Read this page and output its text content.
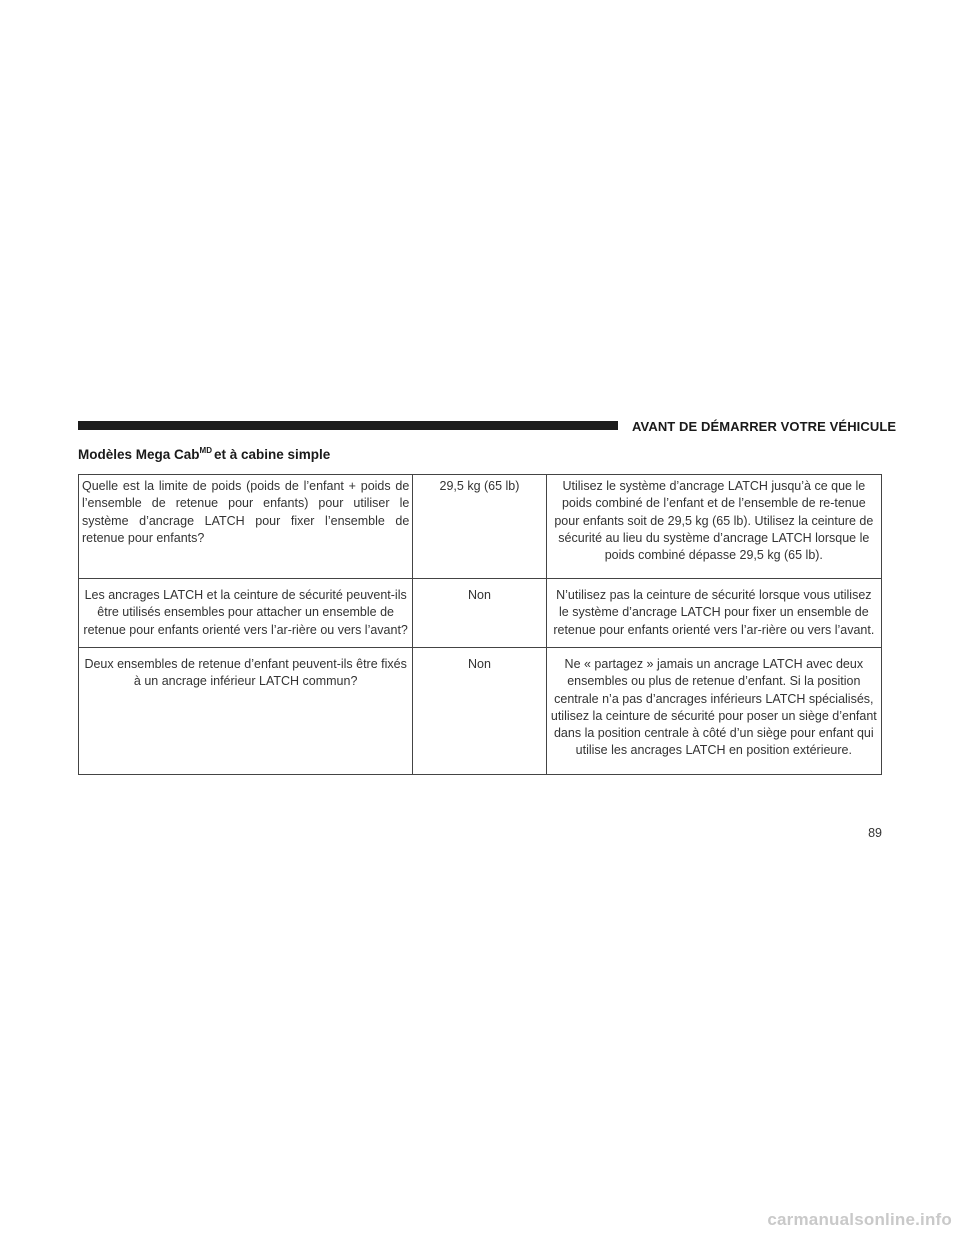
AVANT DE DÉMARRER VOTRE VÉHICULE
Modèles Mega Cab$^{MD}$ et à cabine simple
Quelle est la limite de poids (poids de l’enfant + poids de l’ensemble de retenue pour enfants) pour utiliser le système d’ancrage LATCH pour fixer l’ensemble de retenue pour enfants?	29,5 kg (65 lb)	Utilisez le système d’ancrage LATCH jusqu’à ce que le poids combiné de l’enfant et de l’ensemble de re-tenue pour enfants soit de 29,5 kg (65 lb). Utilisez la ceinture de sécurité au lieu du système d’ancrage LATCH lorsque le poids combiné dépasse 29,5 kg (65 lb).

Les ancrages LATCH et la ceinture de sécurité peuvent-ils être utilisés ensembles pour attacher un ensemble de retenue pour enfants orienté vers l’ar-rière ou vers l’avant?	Non	N’utilisez pas la ceinture de sécurité lorsque vous utilisez le système d’ancrage LATCH pour fixer un ensemble de retenue pour enfants orienté vers l’ar-rière ou vers l’avant.

Deux ensembles de retenue d’enfant peuvent-ils être fixés à un ancrage inférieur LATCH commun?	Non	Ne « partagez » jamais un ancrage LATCH avec deux ensembles ou plus de retenue d’enfant. Si la position centrale n’a pas d’ancrages inférieurs LATCH spécialisés, utilisez la ceinture de sécurité pour poser un siège d’enfant dans la position centrale à côté d’un siège pour enfant qui utilise les ancrages LATCH en position extérieure.
89
carmanualsonline.info
